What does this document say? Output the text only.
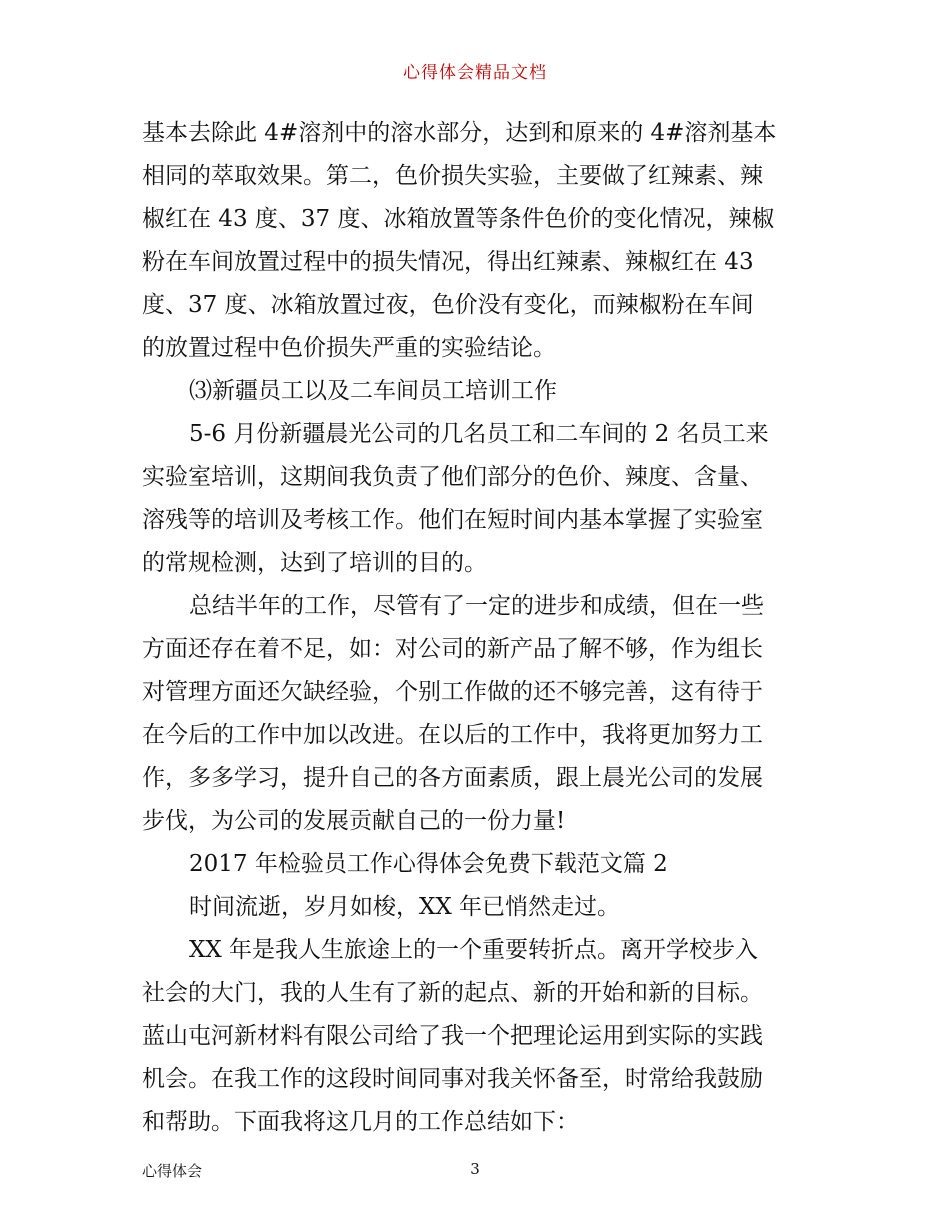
心得体会精品文档
基本去除此 4#溶剂中的溶水部分，达到和原来的 4#溶剂基本
相同的萃取效果。第二，色价损失实验，主要做了红辣素、辣
椒红在 43 度、37 度、冰箱放置等条件色价的变化情况，辣椒
粉在车间放置过程中的损失情况，得出红辣素、辣椒红在 43
度、37 度、冰箱放置过夜，色价没有变化，而辣椒粉在车间
的放置过程中色价损失严重的实验结论。
⑶新疆员工以及二车间员工培训工作
5-6 月份新疆晨光公司的几名员工和二车间的 2 名员工来
实验室培训，这期间我负责了他们部分的色价、辣度、含量、
溶残等的培训及考核工作。他们在短时间内基本掌握了实验室
的常规检测，达到了培训的目的。
总结半年的工作，尽管有了一定的进步和成绩，但在一些
方面还存在着不足，如：对公司的新产品了解不够，作为组长
对管理方面还欠缺经验，个别工作做的还不够完善，这有待于
在今后的工作中加以改进。在以后的工作中，我将更加努力工
作，多多学习，提升自己的各方面素质，跟上晨光公司的发展
步伐，为公司的发展贡献自己的一份力量!
2017 年检验员工作心得体会免费下载范文篇 2
时间流逝，岁月如梭，XX 年已悄然走过。
XX 年是我人生旅途上的一个重要转折点。离开学校步入
社会的大门，我的人生有了新的起点、新的开始和新的目标。
蓝山屯河新材料有限公司给了我一个把理论运用到实际的实践
机会。在我工作的这段时间同事对我关怀备至，时常给我鼓励
和帮助。下面我将这几月的工作总结如下：
心得体会	3
